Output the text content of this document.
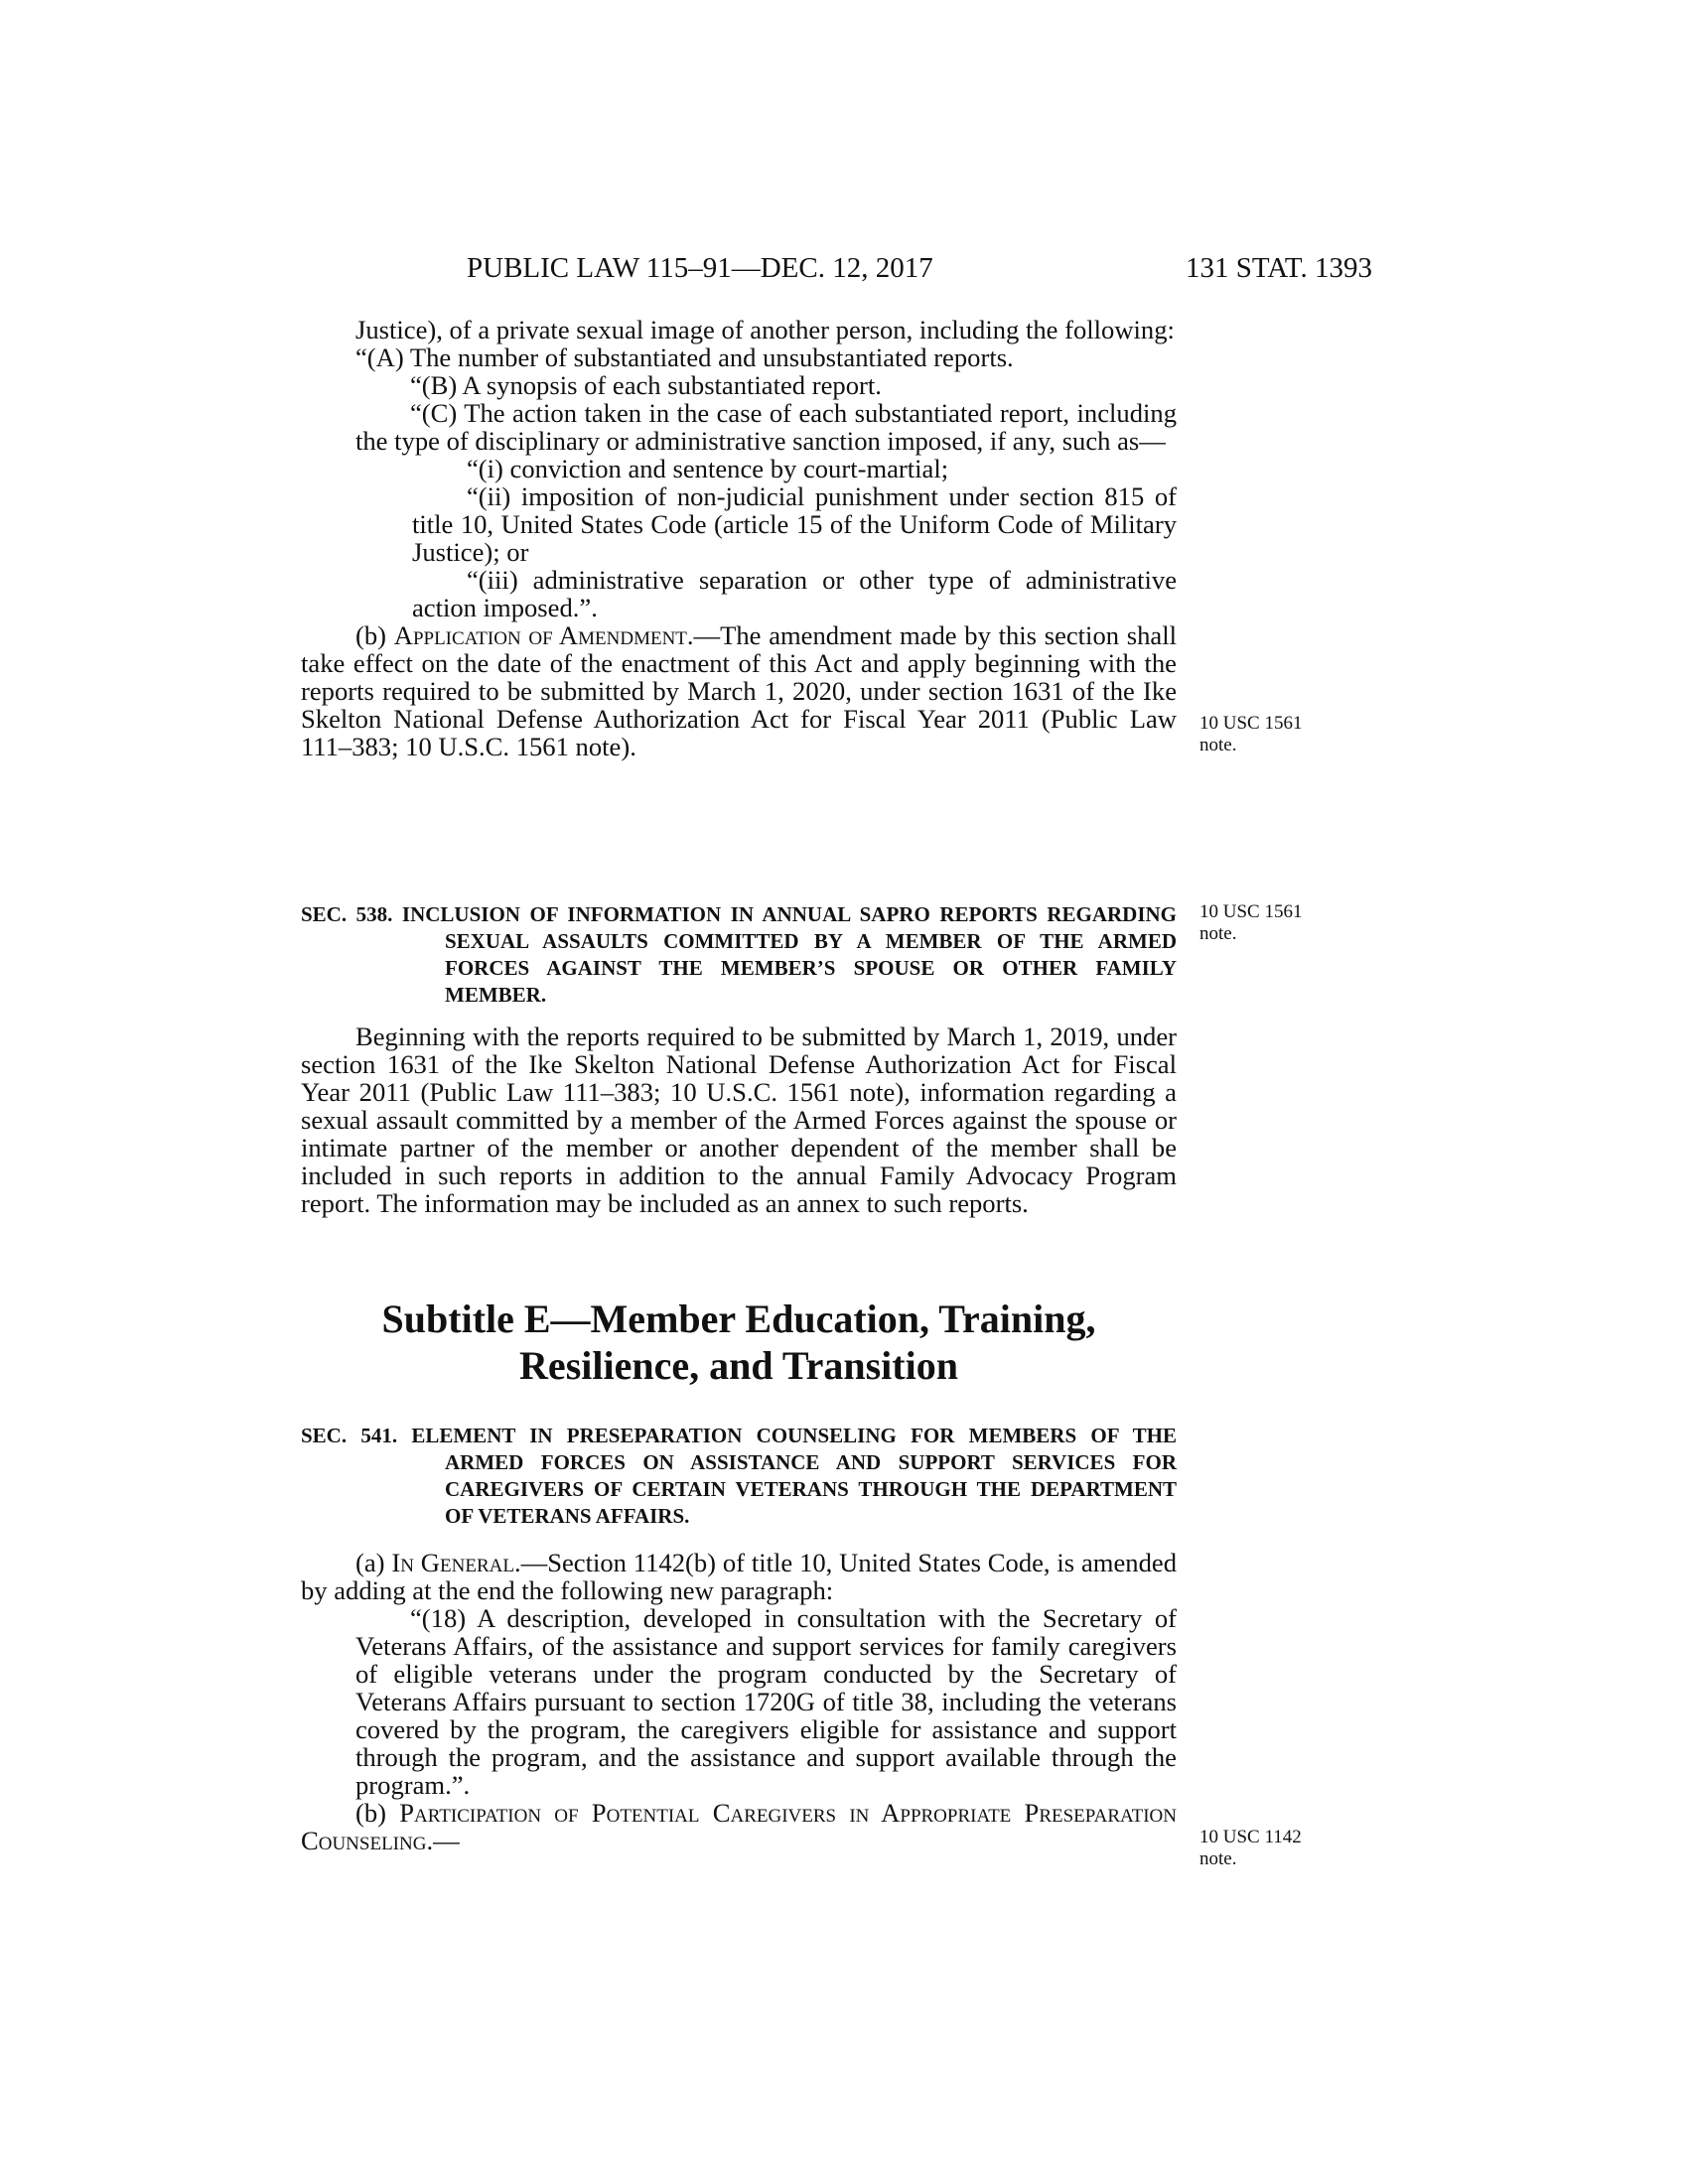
PUBLIC LAW 115–91—DEC. 12, 2017	131 STAT. 1393

Justice), of a private sexual image of another person, including the following:

“(A) The number of substantiated and unsubstantiated reports.

“(B) A synopsis of each substantiated report.

“(C) The action taken in the case of each substantiated report, including the type of disciplinary or administrative sanction imposed, if any, such as—

“(i) conviction and sentence by court-martial;

“(ii) imposition of non-judicial punishment under section 815 of title 10, United States Code (article 15 of the Uniform Code of Military Justice); or

“(iii) administrative separation or other type of administrative action imposed.”.

(b) Application of Amendment.—The amendment made by this section shall take effect on the date of the enactment of this Act and apply beginning with the reports required to be submitted by March 1, 2020, under section 1631 of the Ike Skelton National Defense Authorization Act for Fiscal Year 2011 (Public Law 111–383; 10 U.S.C. 1561 note).

10 USC 1561 note.
SEC. 538. INCLUSION OF INFORMATION IN ANNUAL SAPRO REPORTS REGARDING SEXUAL ASSAULTS COMMITTED BY A MEMBER OF THE ARMED FORCES AGAINST THE MEMBER’S SPOUSE OR OTHER FAMILY MEMBER.
10 USC 1561 note.

Beginning with the reports required to be submitted by March 1, 2019, under section 1631 of the Ike Skelton National Defense Authorization Act for Fiscal Year 2011 (Public Law 111–383; 10 U.S.C. 1561 note), information regarding a sexual assault committed by a member of the Armed Forces against the spouse or intimate partner of the member or another dependent of the member shall be included in such reports in addition to the annual Family Advocacy Program report. The information may be included as an annex to such reports.

Subtitle E—Member Education, Training,
Resilience, and Transition
SEC. 541. ELEMENT IN PRESEPARATION COUNSELING FOR MEMBERS OF THE ARMED FORCES ON ASSISTANCE AND SUPPORT SERVICES FOR CAREGIVERS OF CERTAIN VETERANS THROUGH THE DEPARTMENT OF VETERANS AFFAIRS.

(a) In General.—Section 1142(b) of title 10, United States Code, is amended by adding at the end the following new paragraph:

“(18) A description, developed in consultation with the Secretary of Veterans Affairs, of the assistance and support services for family caregivers of eligible veterans under the program conducted by the Secretary of Veterans Affairs pursuant to section 1720G of title 38, including the veterans covered by the program, the caregivers eligible for assistance and support through the program, and the assistance and support available through the program.”.

(b) Participation of Potential Caregivers in Appropriate Preseparation Counseling.—	10 USC 1142 note.
